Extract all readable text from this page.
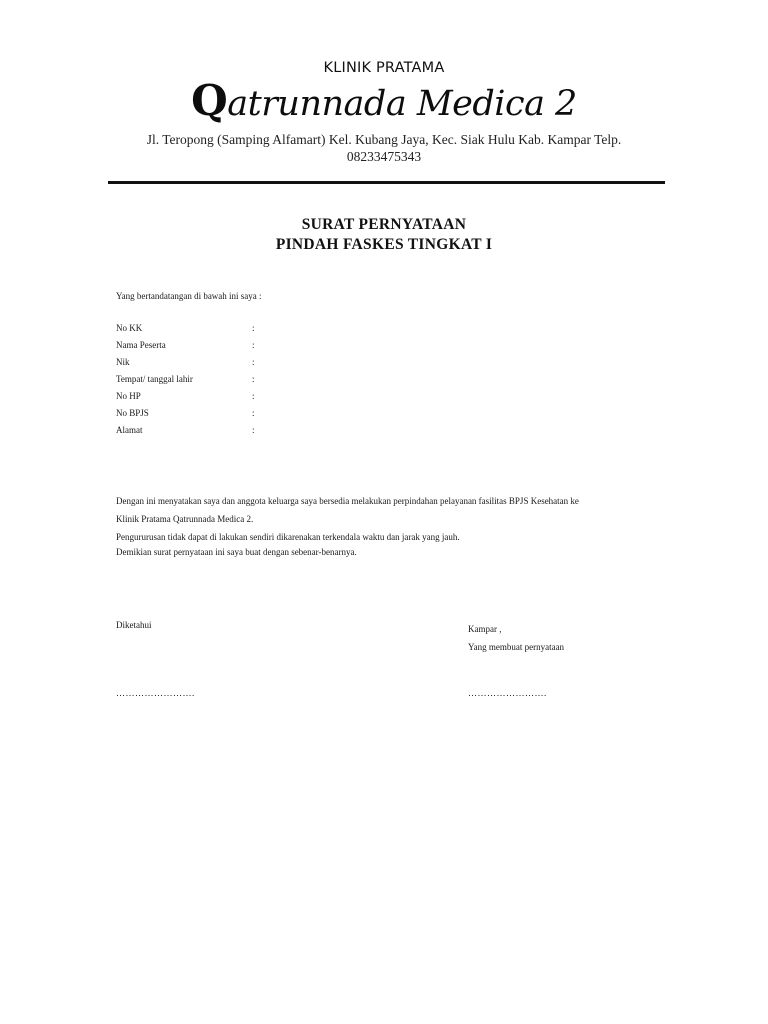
KLINIK PRATAMA
Qatrunnada Medica 2
Jl. Teropong (Samping Alfamart) Kel. Kubang Jaya, Kec. Siak Hulu Kab. Kampar Telp. 08233475343
SURAT PERNYATAAN
PINDAH FASKES TINGKAT I
Yang bertandatangan di bawah ini saya :
No KK	:
Nama Peserta	:
Nik	:
Tempat/ tanggal lahir	:
No HP	:
No BPJS	:
Alamat	:
Dengan ini menyatakan saya dan anggota keluarga saya bersedia melakukan perpindahan pelayanan fasilitas BPJS Kesehatan ke
Klinik Pratama Qatrunnada Medica 2.
Pengururusan tidak dapat di lakukan sendiri dikarenakan terkendala waktu dan jarak yang jauh.
Demikian surat pernyataan ini saya buat dengan sebenar-benarnya.
Diketahui	Kampar ,
Yang membuat pernyataan
…………………….	…………………….
